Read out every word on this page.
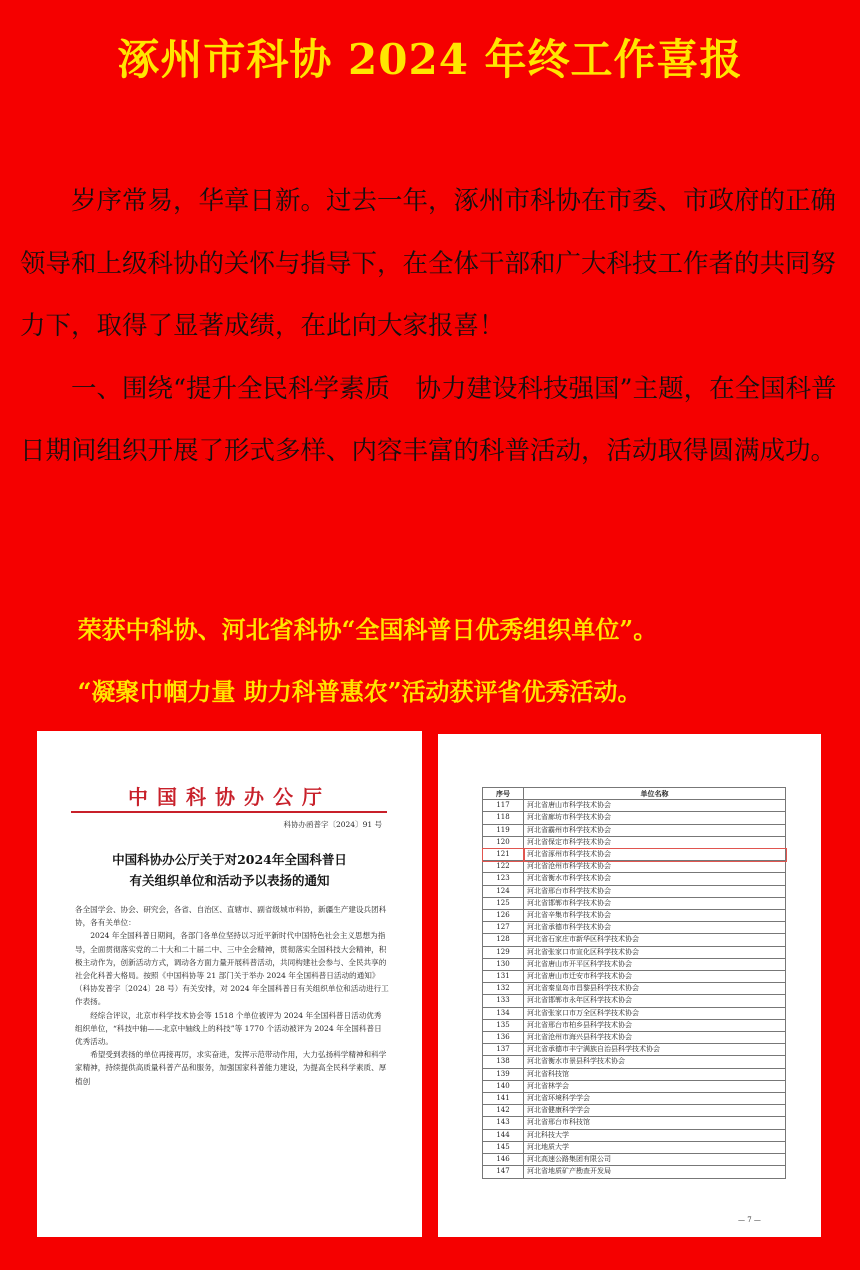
涿州市科协 2024 年终工作喜报

岁序常易，华章日新。过去一年，涿州市科协在市委、市政府的正确领导和上级科协的关怀与指导下，在全体干部和广大科技工作者的共同努力下，取得了显著成绩，在此向大家报喜！

一、围绕“提升全民科学素质　协力建设科技强国”主题，在全国科普日期间组织开展了形式多样、内容丰富的科普活动，活动取得圆满成功。

荣获中科协、河北省科协“全国科普日优秀组织单位”。
“凝聚巾帼力量 助力科普惠农”活动获评省优秀活动。
中国科协办公厅
科协办函普字〔2024〕91 号
中国科协办公厅关于对2024年全国科普日
有关组织单位和活动予以表扬的通知

各全国学会、协会、研究会，各省、自治区、直辖市、副省级城市科协，新疆生产建设兵团科协，各有关单位：

2024 年全国科普日期间，各部门各单位坚持以习近平新时代中国特色社会主义思想为指导，全面贯彻落实党的二十大和二十届二中、三中全会精神，贯彻落实全国科技大会精神，积极主动作为，创新活动方式，调动各方面力量开展科普活动，共同构建社会参与、全民共享的社会化科普大格局。按照《中国科协等 21 部门关于举办 2024 年全国科普日活动的通知》（科协发普字〔2024〕28 号）有关安排，对 2024 年全国科普日有关组织单位和活动进行工作表扬。

经综合评议，北京市科学技术协会等 1518 个单位被评为 2024 年全国科普日活动优秀组织单位，“科技中轴——北京中轴线上的科技”等 1770 个活动被评为 2024 年全国科普日优秀活动。

希望受到表扬的单位再接再厉，求实奋进，发挥示范带动作用，大力弘扬科学精神和科学家精神，持续提供高质量科普产品和服务，加强国家科普能力建设，为提高全民科学素质、厚植创

序号	单位名称
117	河北省唐山市科学技术协会
118	河北省廊坊市科学技术协会
119	河北省霸州市科学技术协会
120	河北省保定市科学技术协会
121	河北省涿州市科学技术协会
122	河北省沧州市科学技术协会
123	河北省衡水市科学技术协会
124	河北省邢台市科学技术协会
125	河北省邯郸市科学技术协会
126	河北省辛集市科学技术协会
127	河北省承德市科学技术协会
128	河北省石家庄市新华区科学技术协会
129	河北省张家口市宣化区科学技术协会
130	河北省唐山市开平区科学技术协会
131	河北省唐山市迁安市科学技术协会
132	河北省秦皇岛市昌黎县科学技术协会
133	河北省邯郸市永年区科学技术协会
134	河北省张家口市万全区科学技术协会
135	河北省邢台市柏乡县科学技术协会
136	河北省沧州市海兴县科学技术协会
137	河北省承德市丰宁满族自治县科学技术协会
138	河北省衡水市景县科学技术协会
139	河北省科技馆
140	河北省林学会
141	河北省环境科学学会
142	河北省健康科学学会
143	河北省邢台市科技馆
144	河北科技大学
145	河北地质大学
146	河北高速公路集团有限公司
147	河北省地质矿产勘查开发局
— 7 —
